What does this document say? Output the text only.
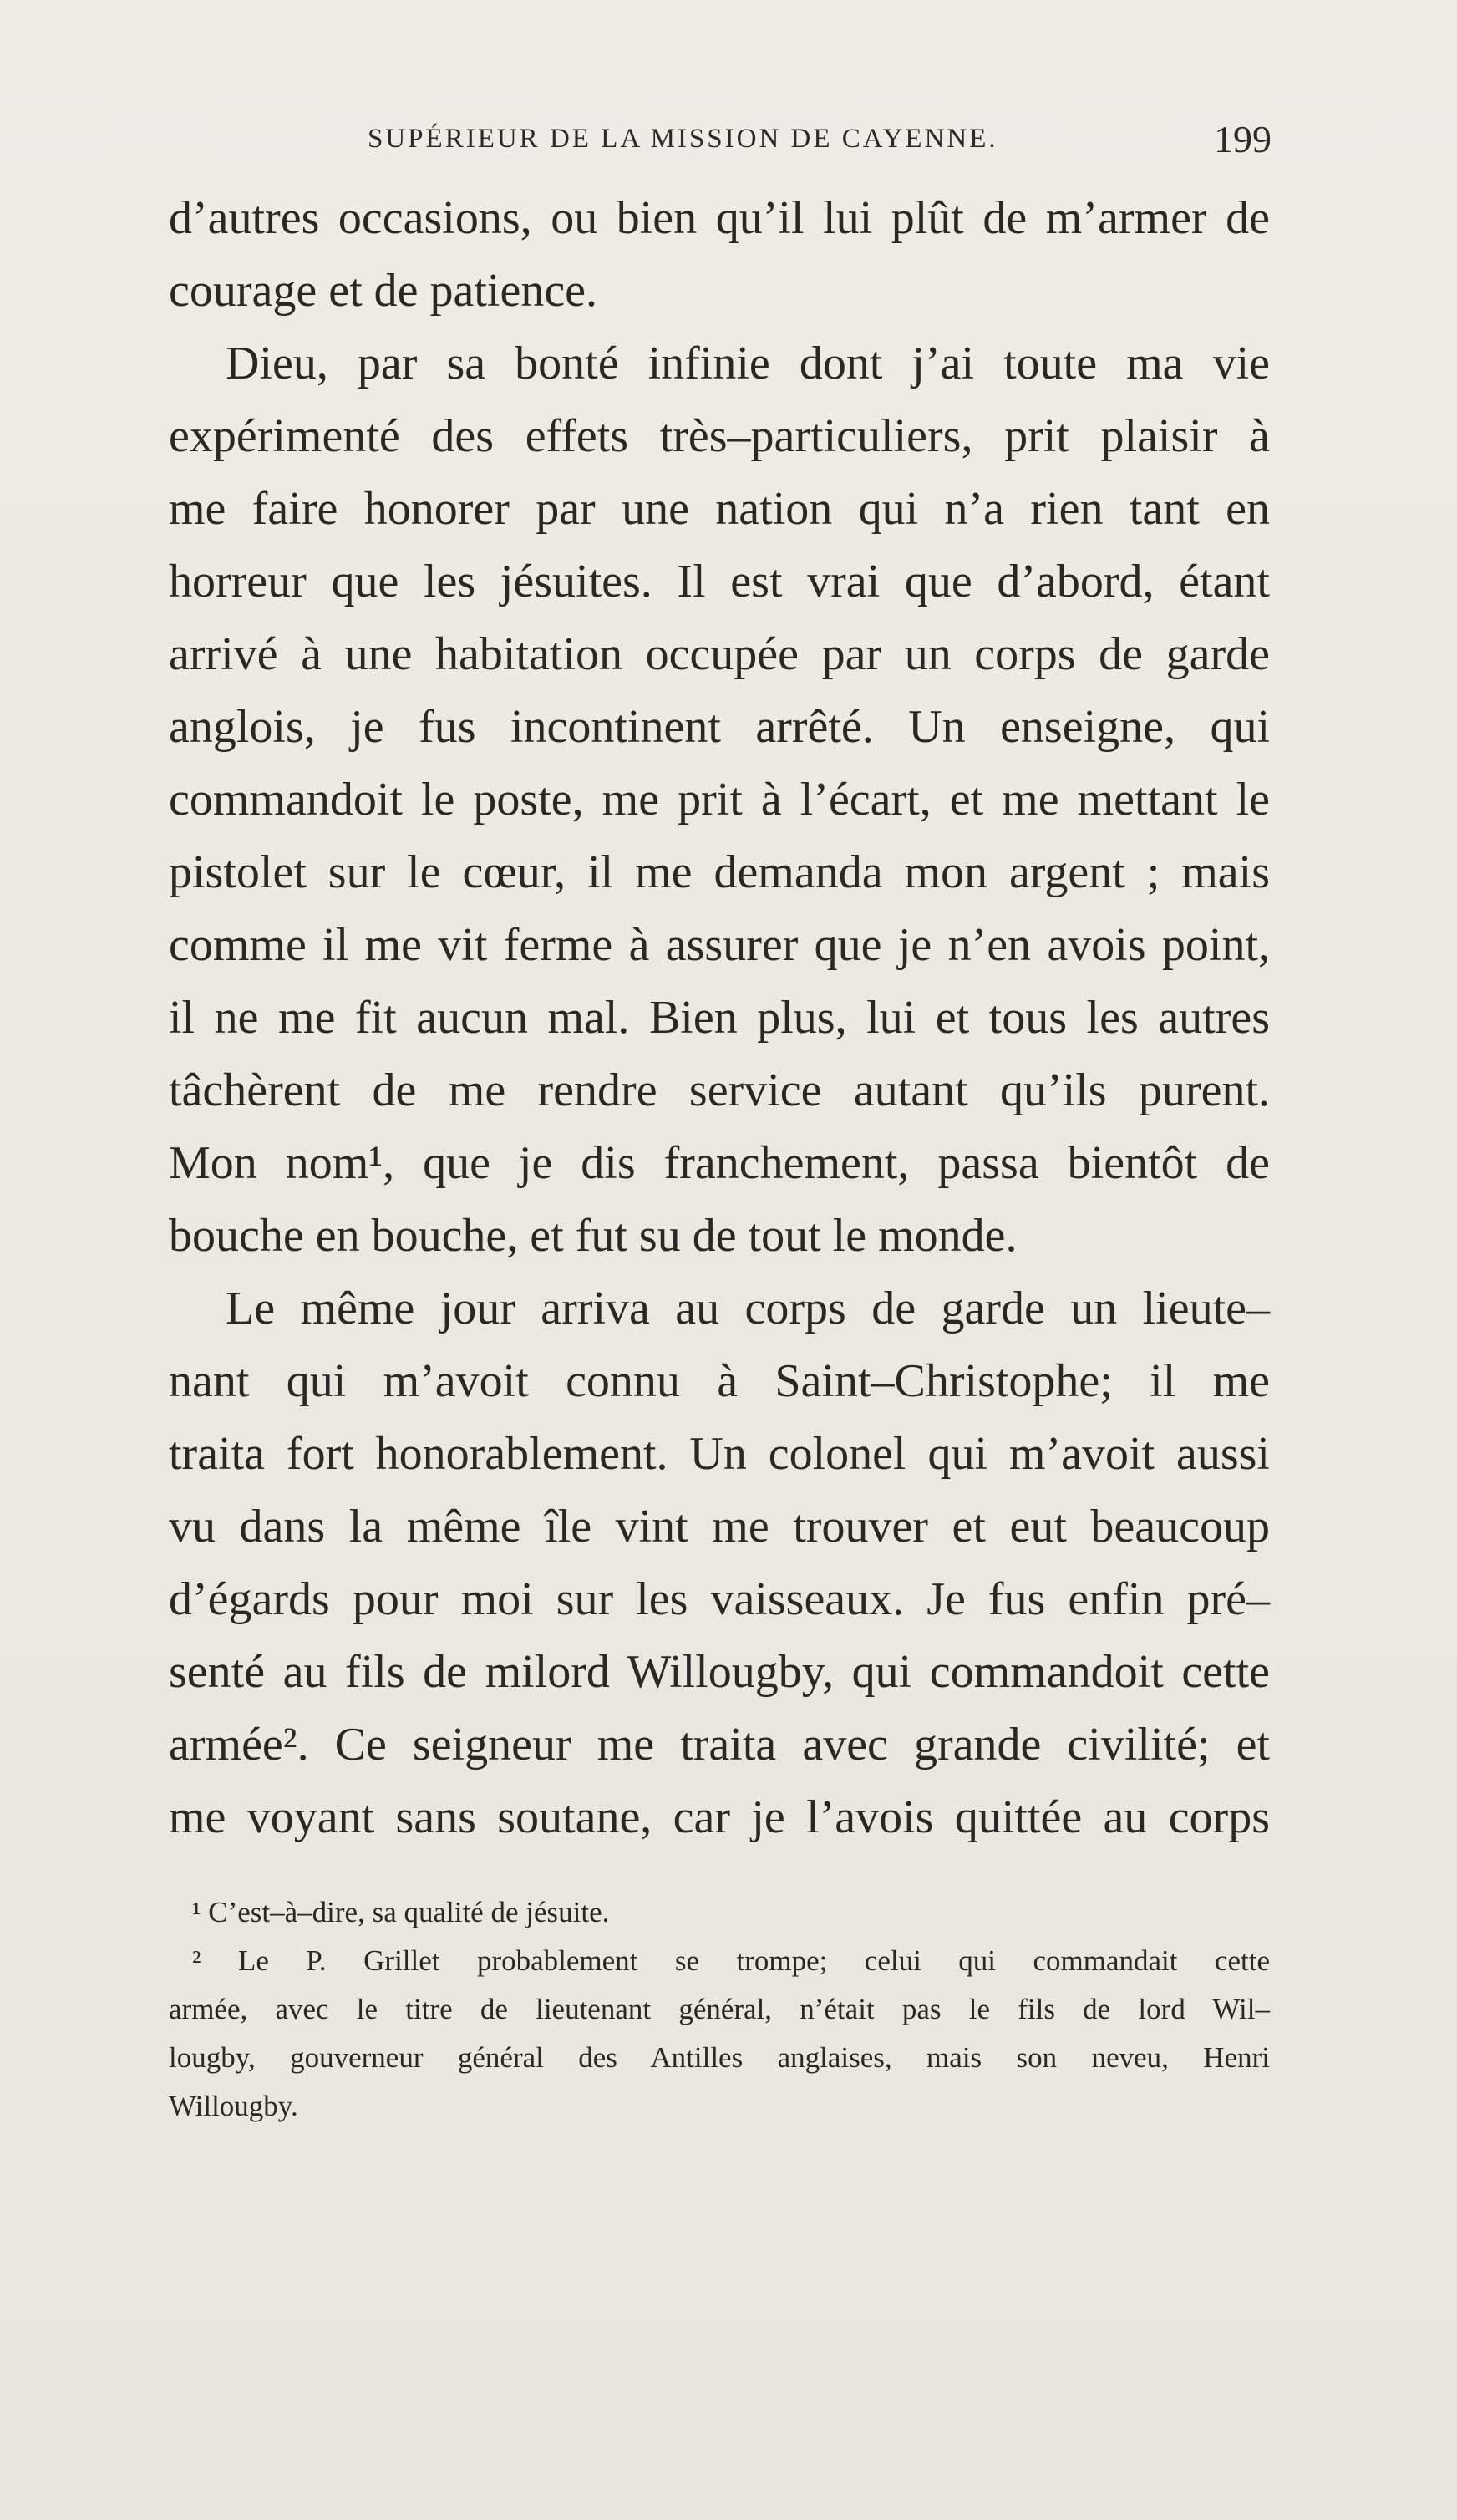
SUPÉRIEUR DE LA MISSION DE CAYENNE.	199
d’autres occasions, ou bien qu’il lui plût de m’armer de
courage et de patience.
Dieu, par sa bonté infinie dont j’ai toute ma vie
expérimenté des effets très–particuliers, prit plaisir à
me faire honorer par une nation qui n’a rien tant en
horreur que les jésuites. Il est vrai que d’abord, étant
arrivé à une habitation occupée par un corps de garde
anglois, je fus incontinent arrêté. Un enseigne, qui
commandoit le poste, me prit à l’écart, et me mettant le
pistolet sur le cœur, il me demanda mon argent ; mais
comme il me vit ferme à assurer que je n’en avois point,
il ne me fit aucun mal. Bien plus, lui et tous les autres
tâchèrent de me rendre service autant qu’ils purent.
Mon nom¹, que je dis franchement, passa bientôt de
bouche en bouche, et fut su de tout le monde.
Le même jour arriva au corps de garde un lieute–
nant qui m’avoit connu à Saint–Christophe; il me
traita fort honorablement. Un colonel qui m’avoit aussi
vu dans la même île vint me trouver et eut beaucoup
d’égards pour moi sur les vaisseaux. Je fus enfin pré–
senté au fils de milord Willougby, qui commandoit cette
armée². Ce seigneur me traita avec grande civilité; et
me voyant sans soutane, car je l’avois quittée au corps
¹ C’est–à–dire, sa qualité de jésuite.
² Le P. Grillet probablement se trompe; celui qui commandait cette
armée, avec le titre de lieutenant général, n’était pas le fils de lord Wil–
lougby, gouverneur général des Antilles anglaises, mais son neveu, Henri
Willougby.
